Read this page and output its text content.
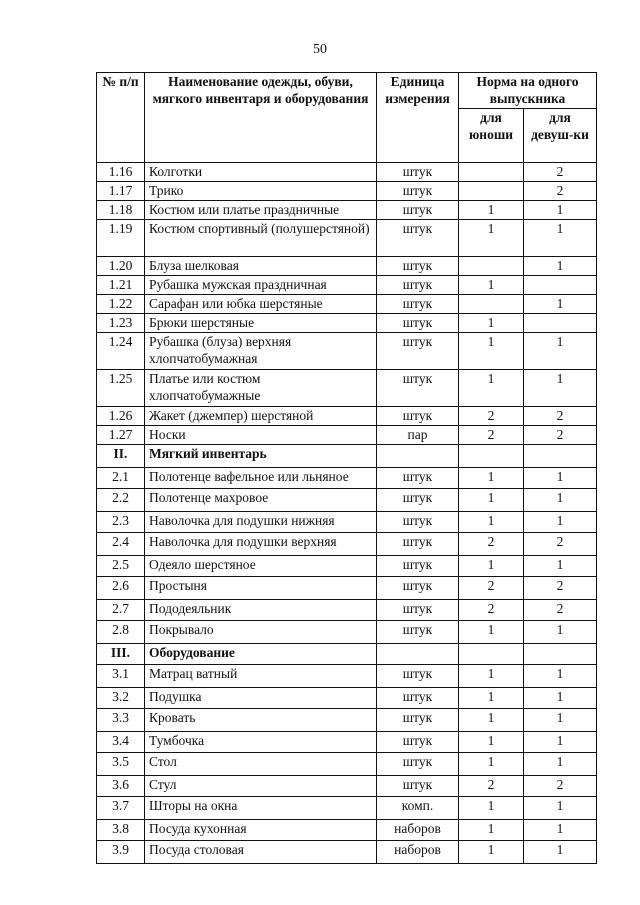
50
№ п/п	Наименование одежды, обуви, мягкого инвентаря и оборудования	Единица измерения	Норма на одного выпускника	
			для юноши	для девуш-ки
1.16	Колготки	штук		2
1.17	Трико	штук		2
1.18	Костюм или платье праздничные	штук	1	1
1.19	Костюм спортивный (полушерстяной)	штук	1	1
1.20	Блуза шелковая	штук		1
1.21	Рубашка мужская праздничная	штук	1	
1.22	Сарафан или юбка шерстяные	штук		1
1.23	Брюки шерстяные	штук	1	
1.24	Рубашка (блуза) верхняя хлопчатобумажная	штук	1	1
1.25	Платье или костюм хлопчатобумажные	штук	1	1
1.26	Жакет (джемпер) шерстяной	штук	2	2
1.27	Носки	пар	2	2
II.	Мягкий инвентарь			
2.1	Полотенце вафельное или льняное	штук	1	1
2.2	Полотенце махровое	штук	1	1
2.3	Наволочка для подушки нижняя	штук	1	1
2.4	Наволочка для подушки верхняя	штук	2	2
2.5	Одеяло шерстяное	штук	1	1
2.6	Простыня	штук	2	2
2.7	Пододеяльник	штук	2	2
2.8	Покрывало	штук	1	1
III.	Оборудование			
3.1	Матрац ватный	штук	1	1
3.2	Подушка	штук	1	1
3.3	Кровать	штук	1	1
3.4	Тумбочка	штук	1	1
3.5	Стол	штук	1	1
3.6	Стул	штук	2	2
3.7	Шторы на окна	комп.	1	1
3.8	Посуда кухонная	наборов	1	1
3.9	Посуда столовая	наборов	1	1
